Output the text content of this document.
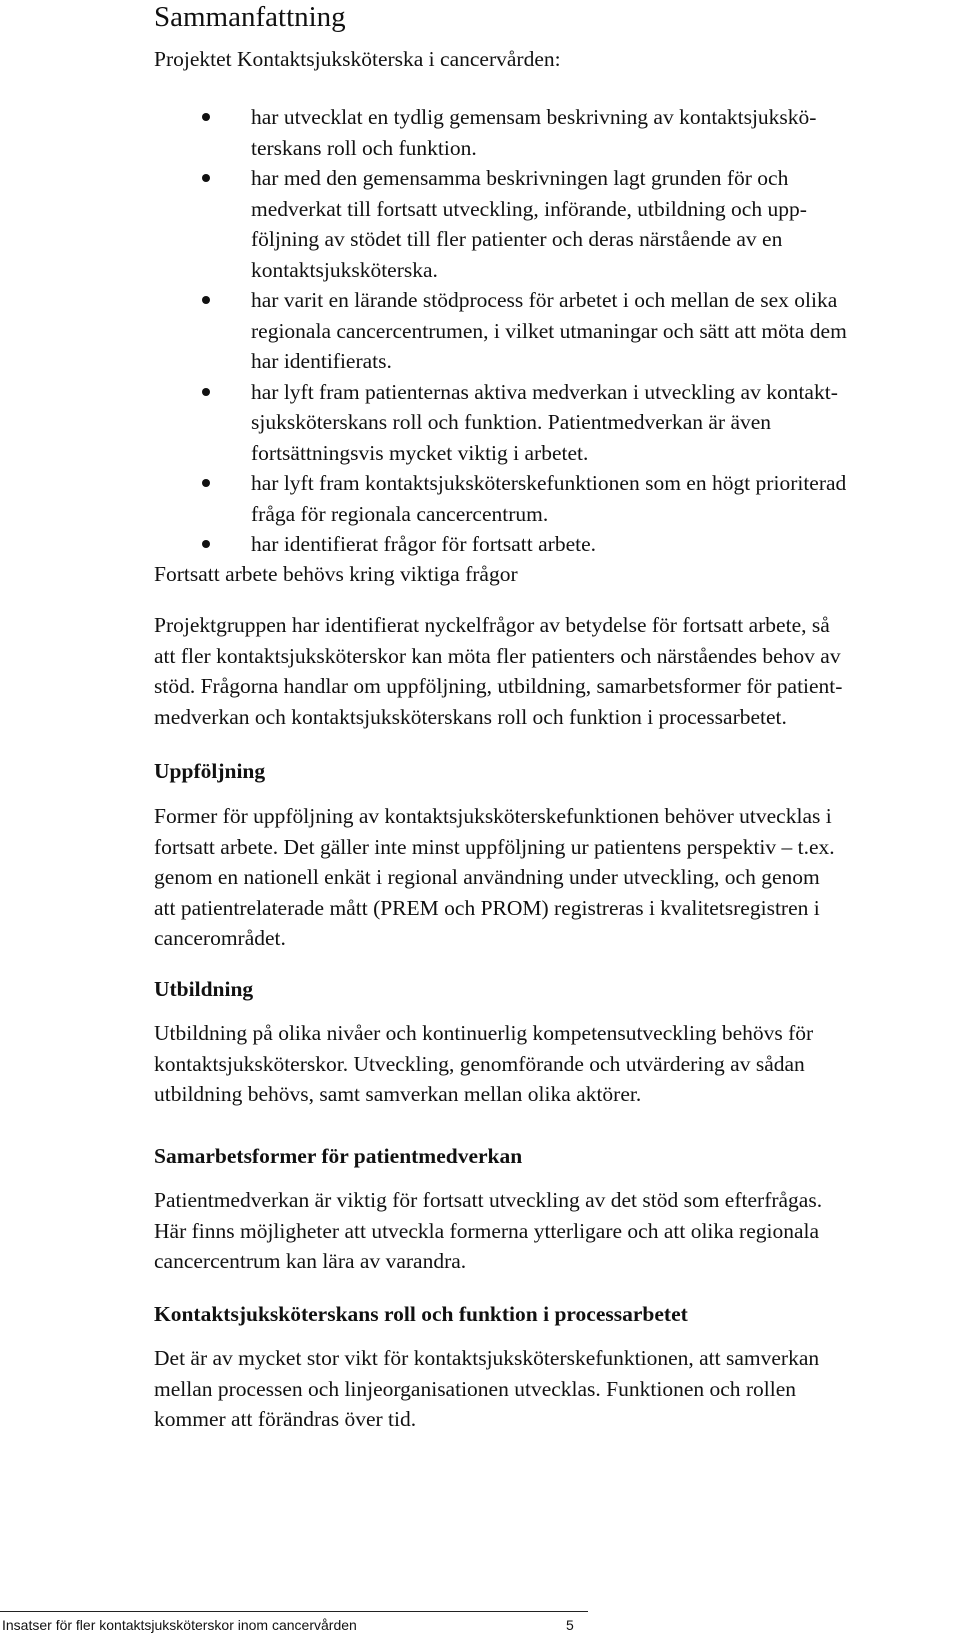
Sammanfattning

Projektet Kontaktsjuksköterska i cancervården:

har utvecklat en tydlig gemensam beskrivning av kontaktsjukskö-
terskans roll och funktion.
har med den gemensamma beskrivningen lagt grunden för och
medverkat till fortsatt utveckling, införande, utbildning och upp-
följning av stödet till fler patienter och deras närstående av en
kontaktsjuksköterska.
har varit en lärande stödprocess för arbetet i och mellan de sex olika
regionala cancercentrumen, i vilket utmaningar och sätt att möta dem
har identifierats.
har lyft fram patienternas aktiva medverkan i utveckling av kontakt-
sjuksköterskans roll och funktion. Patientmedverkan är även
fortsättningsvis mycket viktig i arbetet.
har lyft fram kontaktsjuksköterskefunktionen som en högt prioriterad
fråga för regionala cancercentrum.
har identifierat frågor för fortsatt arbete.

Fortsatt arbete behövs kring viktiga frågor

Projektgruppen har identifierat nyckelfrågor av betydelse för fortsatt arbete, så
att fler kontaktsjuksköterskor kan möta fler patienters och närståendes behov av
stöd. Frågorna handlar om uppföljning, utbildning, samarbetsformer för patient-
medverkan och kontaktsjuksköterskans roll och funktion i processarbetet.

Uppföljning

Former för uppföljning av kontaktsjuksköterskefunktionen behöver utvecklas i
fortsatt arbete. Det gäller inte minst uppföljning ur patientens perspektiv – t.ex.
genom en nationell enkät i regional användning under utveckling, och genom
att patientrelaterade mått (PREM och PROM) registreras i kvalitetsregistren i
cancerområdet.

Utbildning

Utbildning på olika nivåer och kontinuerlig kompetensutveckling behövs för
kontaktsjuksköterskor. Utveckling, genomförande och utvärdering av sådan
utbildning behövs, samt samverkan mellan olika aktörer.

Samarbetsformer för patientmedverkan

Patientmedverkan är viktig för fortsatt utveckling av det stöd som efterfrågas.
Här finns möjligheter att utveckla formerna ytterligare och att olika regionala
cancercentrum kan lära av varandra.

Kontaktsjuksköterskans roll och funktion i processarbetet

Det är av mycket stor vikt för kontaktsjuksköterskefunktionen, att samverkan
mellan processen och linjeorganisationen utvecklas. Funktionen och rollen
kommer att förändras över tid.

Insatser för fler kontaktsjuksköterskor inom cancervården	5
